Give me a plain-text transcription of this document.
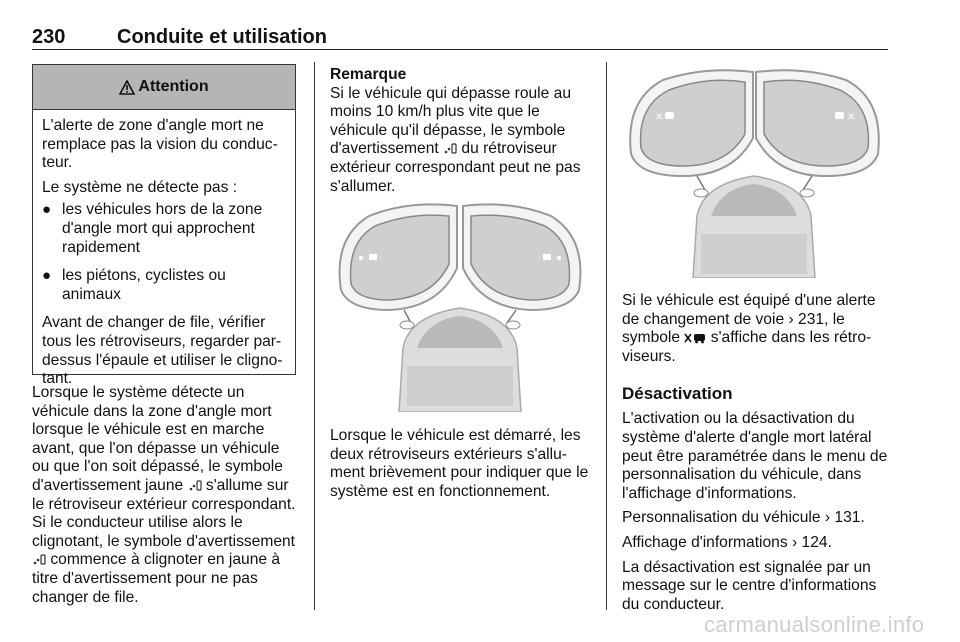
230	Conduite et utilisation
Attention

L'alerte de zone d'angle mort ne remplace pas la vision du conducteur.

Le système ne détecte pas :

● les véhicules hors de la zone d'angle mort qui approchent rapidement

● les piétons, cyclistes ou animaux

Avant de changer de file, vérifier tous les rétroviseurs, regarder par-dessus l'épaule et utiliser le clignotant.

Lorsque le système détecte un véhicule dans la zone d'angle mort lorsque le véhicule est en marche avant, que l'on dépasse un véhicule ou que l'on soit dépassé, le symbole d'avertissement jaune s'allume sur le rétroviseur extérieur correspondant. Si le conducteur utilise alors le clignotant, le symbole d'avertissement  commence à clignoter en jaune à titre d'avertissement pour ne pas changer de file.

Remarque

Si le véhicule qui dépasse roule au moins 10 km/h plus vite que le véhicule qu'il dépasse, le symbole d'avertissement du rétroviseur extérieur correspondant peut ne pas s'allumer.

Lorsque le véhicule est démarré, les deux rétroviseurs extérieurs s'allument brièvement pour indiquer que le système est en fonctionnement.

✕	✕

Si le véhicule est équipé d'une alerte de changement de voie › 231, le symbole s'affiche dans les rétroviseurs.

Désactivation

L'activation ou la désactivation du système d'alerte d'angle mort latéral peut être paramétrée dans le menu de personnalisation du véhicule, dans l'affichage d'informations.

Personnalisation du véhicule › 131.

Affichage d'informations › 124.

La désactivation est signalée par un message sur le centre d'informations du conducteur.

carmanualsonline.info
